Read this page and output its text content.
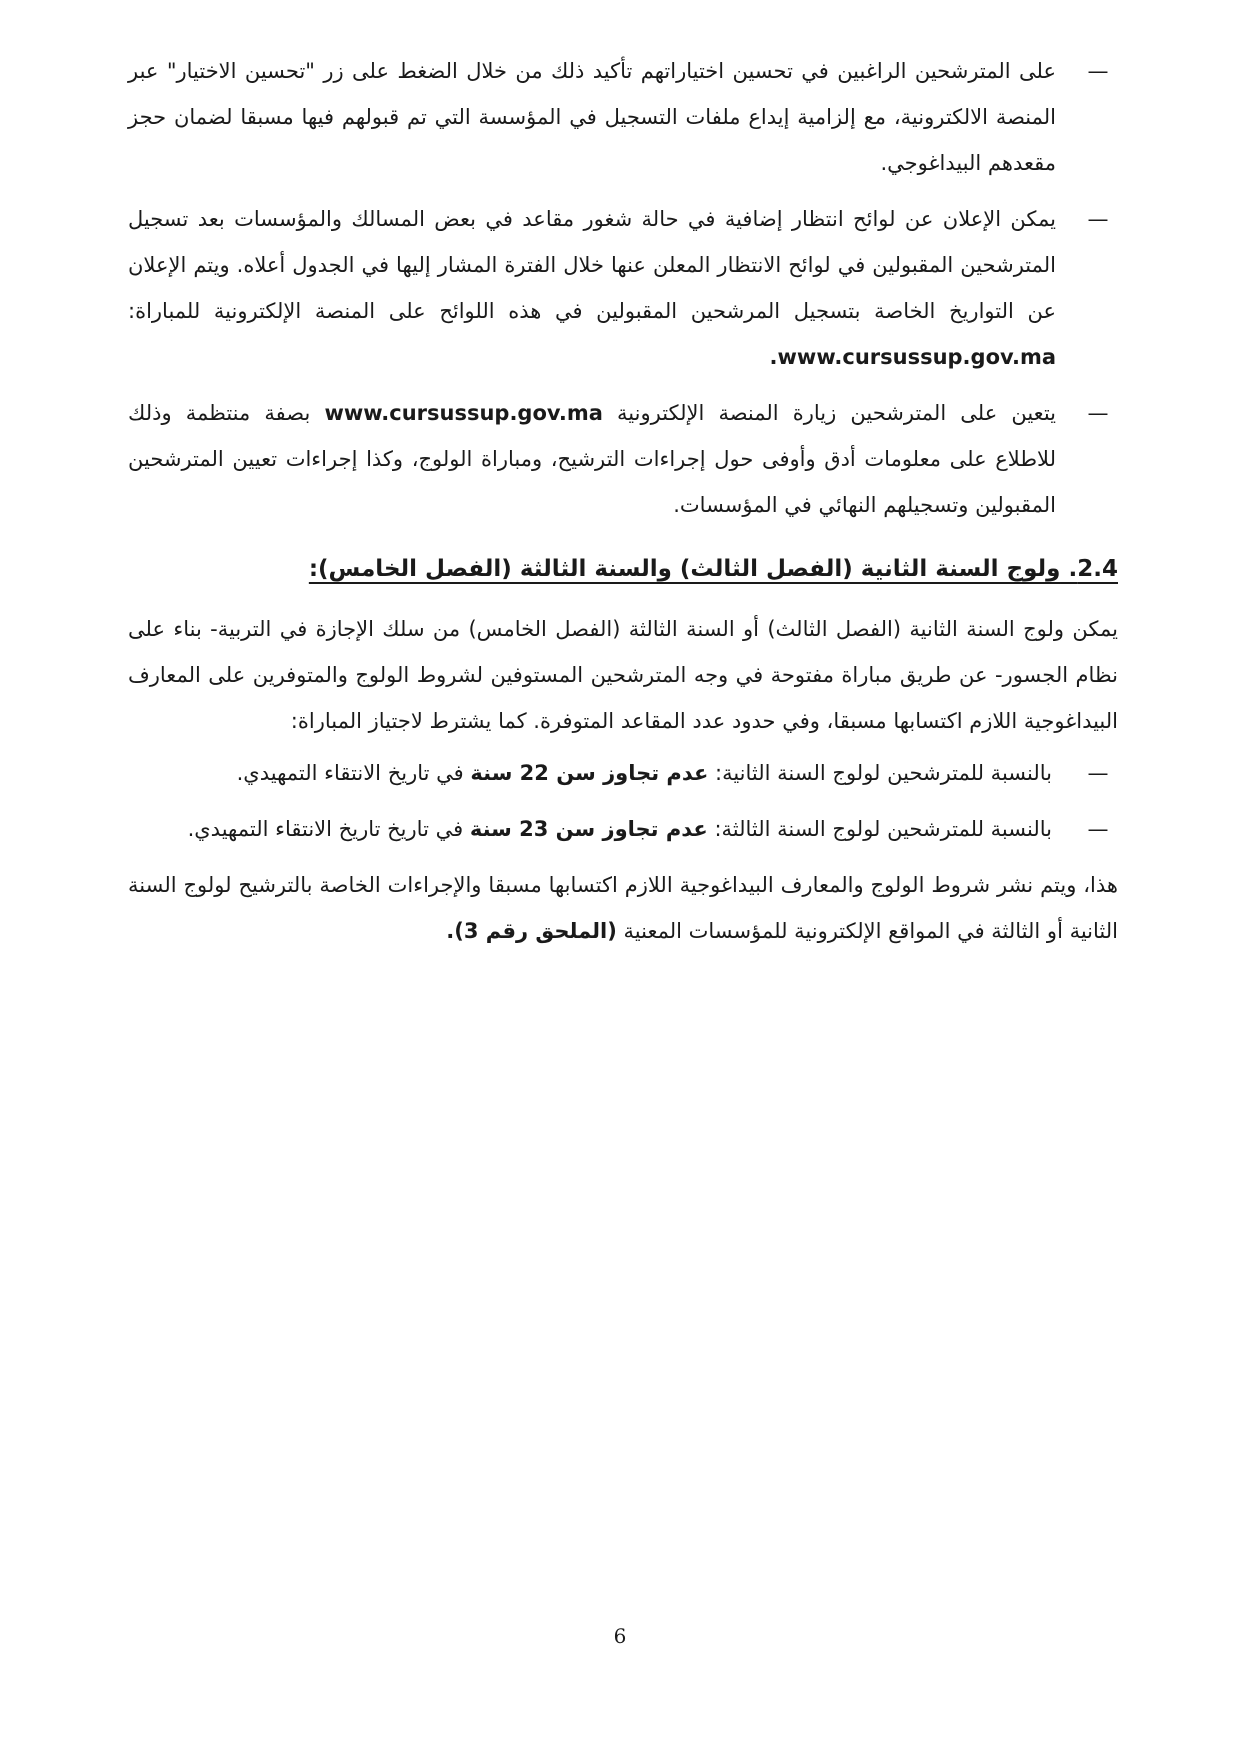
—
على المترشحين الراغبين في تحسين اختياراتهم تأكيد ذلك من خلال الضغط على زر "تحسين الاختيار" عبر المنصة الالكترونية، مع إلزامية إيداع ملفات التسجيل في المؤسسة التي تم قبولهم فيها مسبقا لضمان حجز مقعدهم البيداغوجي.
—
يمكن الإعلان عن لوائح انتظار إضافية في حالة شغور مقاعد في بعض المسالك والمؤسسات بعد تسجيل المترشحين المقبولين في لوائح الانتظار المعلن عنها خلال الفترة المشار إليها في الجدول أعلاه. ويتم الإعلان عن التواريخ الخاصة بتسجيل المرشحين المقبولين في هذه اللوائح على المنصة الإلكترونية للمباراة: www.cursussup.gov.ma.
—
يتعين على المترشحين زيارة المنصة الإلكترونية www.cursussup.gov.ma بصفة منتظمة وذلك للاطلاع على معلومات أدق وأوفى حول إجراءات الترشيح، ومباراة الولوج، وكذا إجراءات تعيين المترشحين المقبولين وتسجيلهم النهائي في المؤسسات.
2.4. ولوج السنة الثانية (الفصل الثالث) والسنة الثالثة (الفصل الخامس):

يمكن ولوج السنة الثانية (الفصل الثالث) أو السنة الثالثة (الفصل الخامس) من سلك الإجازة في التربية- بناء على نظام الجسور- عن طريق مباراة مفتوحة في وجه المترشحين المستوفين لشروط الولوج والمتوفرين على المعارف البيداغوجية اللازم اكتسابها مسبقا، وفي حدود عدد المقاعد المتوفرة. كما يشترط لاجتياز المباراة:

—
بالنسبة للمترشحين لولوج السنة الثانية: عدم تجاوز سن 22 سنة في تاريخ الانتقاء التمهيدي.
—
بالنسبة للمترشحين لولوج السنة الثالثة: عدم تجاوز سن 23 سنة في تاريخ تاريخ الانتقاء التمهيدي.

هذا، ويتم نشر شروط الولوج والمعارف البيداغوجية اللازم اكتسابها مسبقا والإجراءات الخاصة بالترشيح لولوج السنة الثانية أو الثالثة في المواقع الإلكترونية للمؤسسات المعنية (الملحق رقم 3).

6
